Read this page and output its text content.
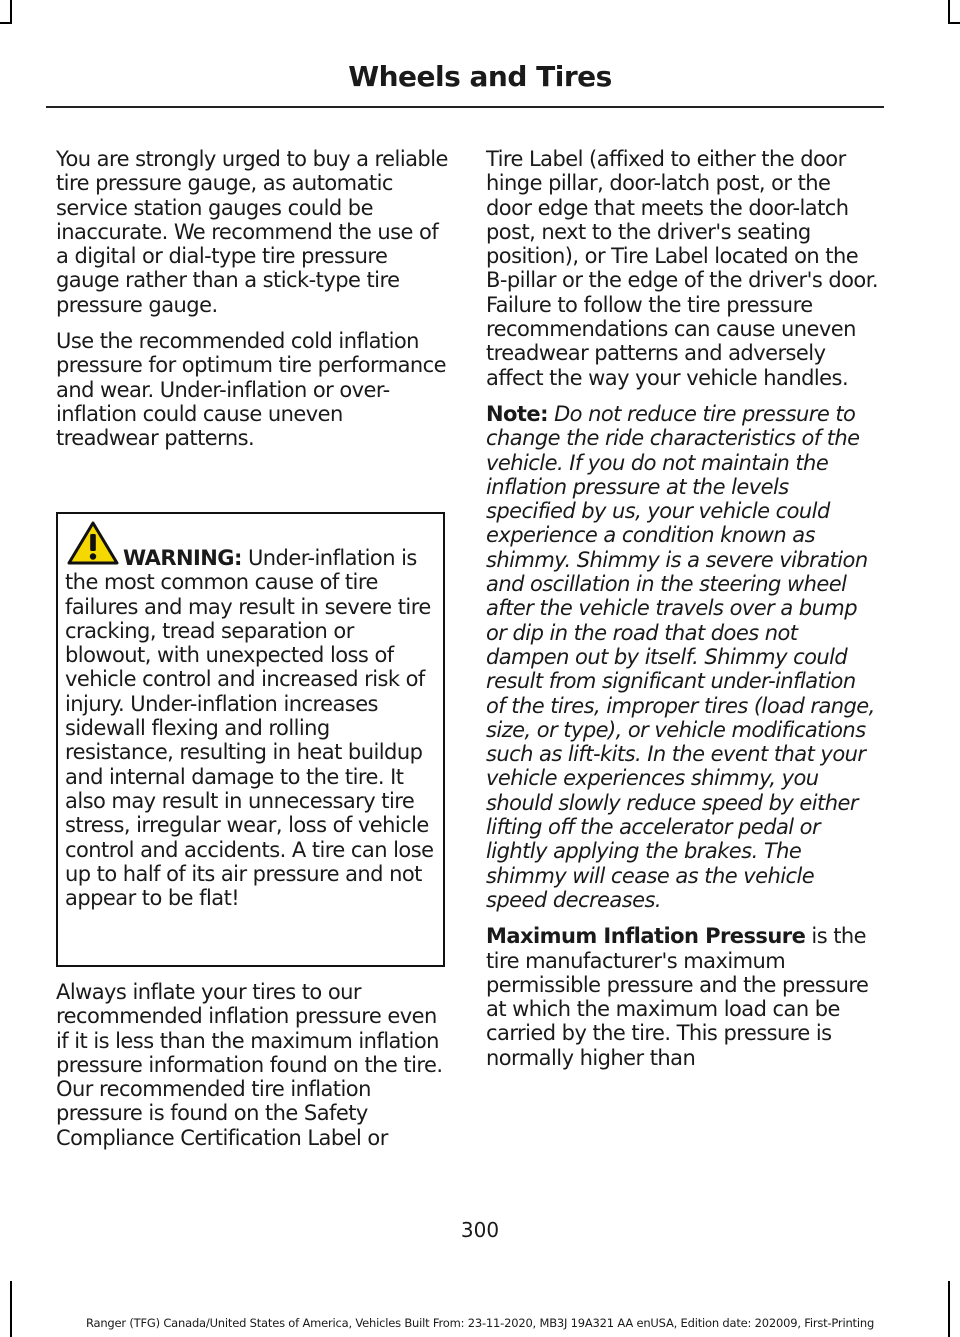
Wheels and Tires

You are strongly urged to buy a reliable tire pressure gauge, as automatic service station gauges could be inaccurate. We recommend the use of a digital or dial-type tire pressure gauge rather than a stick-type tire pressure gauge.

Use the recommended cold inflation pressure for optimum tire performance and wear. Under-inflation or over-inflation could cause uneven treadwear patterns.

WARNING: Under-inflation is the most common cause of tire failures and may result in severe tire cracking, tread separation or blowout, with unexpected loss of vehicle control and increased risk of injury. Under-inflation increases sidewall flexing and rolling resistance, resulting in heat buildup and internal damage to the tire. It also may result in unnecessary tire stress, irregular wear, loss of vehicle control and accidents. A tire can lose up to half of its air pressure and not appear to be flat!

Always inflate your tires to our recommended inflation pressure even if it is less than the maximum inflation pressure information found on the tire. Our recommended tire inflation pressure is found on the Safety Compliance Certification Label or

Tire Label (affixed to either the door hinge pillar, door-latch post, or the door edge that meets the door-latch post, next to the driver's seating position), or Tire Label located on the B-pillar or the edge of the driver's door. Failure to follow the tire pressure recommendations can cause uneven treadwear patterns and adversely affect the way your vehicle handles.

Note: Do not reduce tire pressure to change the ride characteristics of the vehicle. If you do not maintain the inflation pressure at the levels specified by us, your vehicle could experience a condition known as shimmy. Shimmy is a severe vibration and oscillation in the steering wheel after the vehicle travels over a bump or dip in the road that does not dampen out by itself. Shimmy could result from significant under-inflation of the tires, improper tires (load range, size, or type), or vehicle modifications such as lift-kits. In the event that your vehicle experiences shimmy, you should slowly reduce speed by either lifting off the accelerator pedal or lightly applying the brakes. The shimmy will cease as the vehicle speed decreases.

Maximum Inflation Pressure is the tire manufacturer's maximum permissible pressure and the pressure at which the maximum load can be carried by the tire. This pressure is normally higher than

300
Ranger (TFG) Canada/United States of America, Vehicles Built From: 23-11-2020, MB3J 19A321 AA enUSA, Edition date: 202009, First-Printing
